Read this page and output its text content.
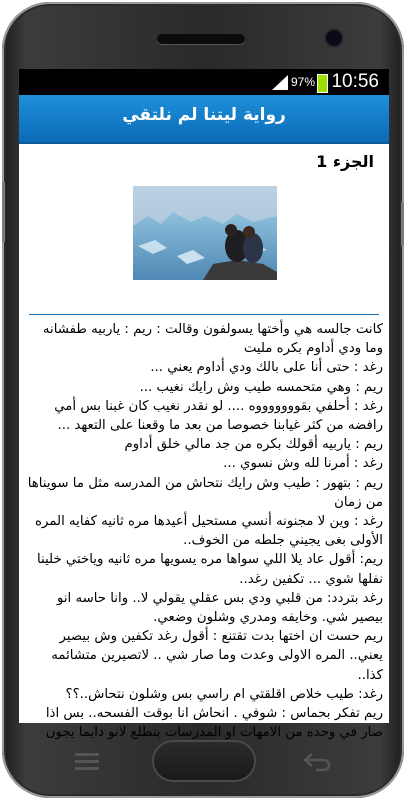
97% 10:56
رواية ليتنا لم نلتقي
الجزء 1

كانت جالسه هي وأختها يسولفون وقالت : ريم : ياربيه طفشانه وما ودي أداوم بكره مليت

رغد : حتى أنا على بالك ودي أداوم يعني ...

ريم : وهي متحمسه طيب وش رايك نغيب ...

رغد : أحلفي بقوووووووه .... لو نقدر نغيب كان غبنا بس أمي رافضه من كثر غيابنا خصوصا من بعد ما وقعنا على التعهد ...

ريم : ياربيه أقولك بكره من جد مالي خلق أداوم

رغد : أمرنا لله وش نسوي ...

ريم : بتهور : طيب وش رايك نتحاش من المدرسه مثل ما سويناها من زمان

رغد : وين لا مجنونه أنسي مستحيل أعيدها مره ثانيه كفايه المره الأولى بغى يجيني جلطه من الخوف..

ريم: أقول عاد يلا اللي سواها مره يسويها مره ثانيه وياختي خلينا نفلها شوي ... تكفين رغد..

رغد بتردد: من قلبي ودي بس عقلي يقولي لا.. وانا حاسه انو بيصير شي. وخايفه ومدري وشلون وضعي.

ريم حست ان اختها بدت تقتنع : أقول رغد تكفين وش بيصير يعني.. المره الاولى وعدت وما صار شي .. لاتصيرين متشائمه كذا..

رغد: طيب خلاص اقلقتي ام راسي بس وشلون نتحاش..؟؟

ريم تفكر بحماس : شوفي . انحاش انا بوقت الفسحه.. بس اذا صار في وحده من الامهات او المدرسات بتطلع لانو دايما يجون
